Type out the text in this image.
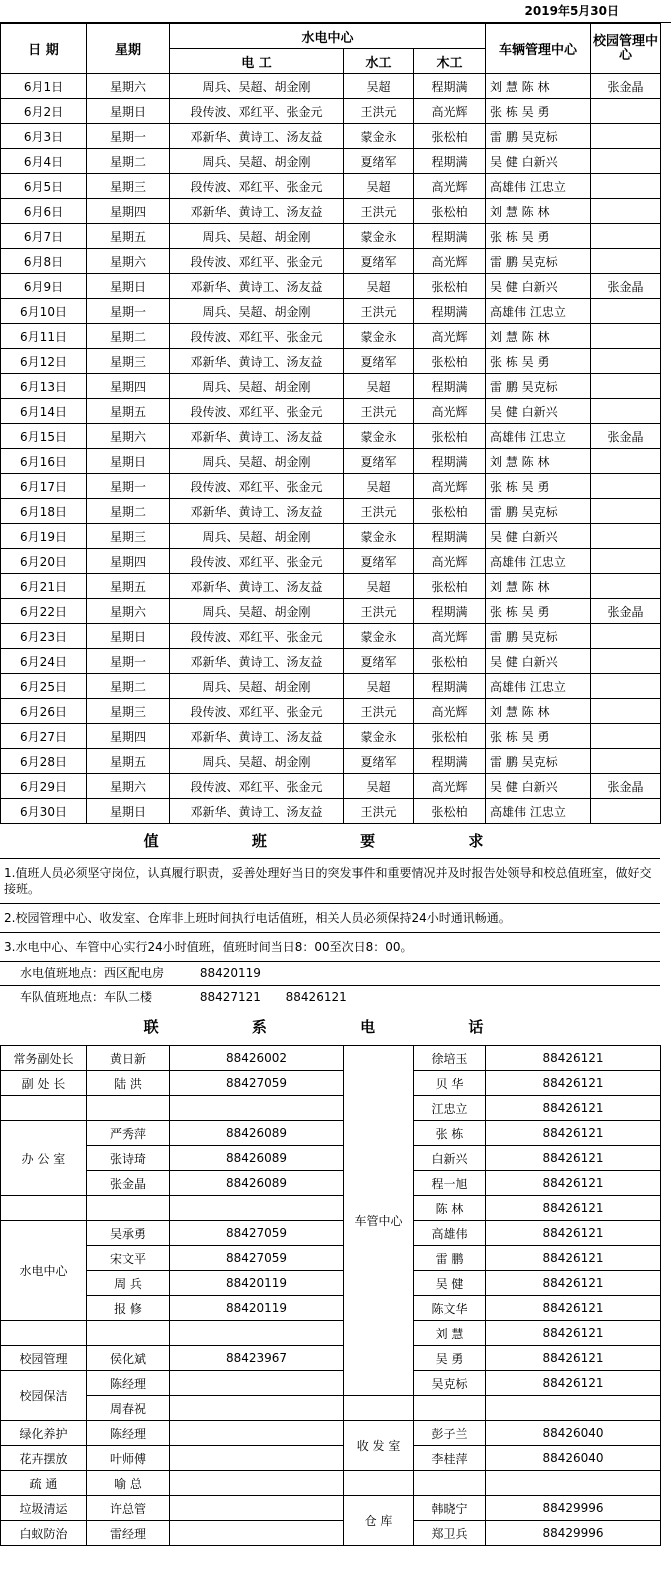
2019年5月30日
日 期	星期	水电中心			车辆管理中心	校园管理中心
		电 工	水工	木工		
6月1日	星期六	周兵、吴超、胡金刚	吴超	程期满	刘 慧 陈 林	张金晶
6月2日	星期日	段传波、邓红平、张金元	王洪元	高光辉	张 栋 吴 勇	
6月3日	星期一	邓新华、黄诗工、汤友益	蒙金永	张松柏	雷 鹏 吴克标	
6月4日	星期二	周兵、吴超、胡金刚	夏绪军	程期满	吴 健 白新兴	
6月5日	星期三	段传波、邓红平、张金元	吴超	高光辉	高雄伟 江忠立	
6月6日	星期四	邓新华、黄诗工、汤友益	王洪元	张松柏	刘 慧 陈 林	
6月7日	星期五	周兵、吴超、胡金刚	蒙金永	程期满	张 栋 吴 勇	
6月8日	星期六	段传波、邓红平、张金元	夏绪军	高光辉	雷 鹏 吴克标	
6月9日	星期日	邓新华、黄诗工、汤友益	吴超	张松柏	吴 健 白新兴	张金晶
6月10日	星期一	周兵、吴超、胡金刚	王洪元	程期满	高雄伟 江忠立	
6月11日	星期二	段传波、邓红平、张金元	蒙金永	高光辉	刘 慧 陈 林	
6月12日	星期三	邓新华、黄诗工、汤友益	夏绪军	张松柏	张 栋 吴 勇	
6月13日	星期四	周兵、吴超、胡金刚	吴超	程期满	雷 鹏 吴克标	
6月14日	星期五	段传波、邓红平、张金元	王洪元	高光辉	吴 健 白新兴	
6月15日	星期六	邓新华、黄诗工、汤友益	蒙金永	张松柏	高雄伟 江忠立	张金晶
6月16日	星期日	周兵、吴超、胡金刚	夏绪军	程期满	刘 慧 陈 林	
6月17日	星期一	段传波、邓红平、张金元	吴超	高光辉	张 栋 吴 勇	
6月18日	星期二	邓新华、黄诗工、汤友益	王洪元	张松柏	雷 鹏 吴克标	
6月19日	星期三	周兵、吴超、胡金刚	蒙金永	程期满	吴 健 白新兴	
6月20日	星期四	段传波、邓红平、张金元	夏绪军	高光辉	高雄伟 江忠立	
6月21日	星期五	邓新华、黄诗工、汤友益	吴超	张松柏	刘 慧 陈 林	
6月22日	星期六	周兵、吴超、胡金刚	王洪元	程期满	张 栋 吴 勇	张金晶
6月23日	星期日	段传波、邓红平、张金元	蒙金永	高光辉	雷 鹏 吴克标	
6月24日	星期一	邓新华、黄诗工、汤友益	夏绪军	张松柏	吴 健 白新兴	
6月25日	星期二	周兵、吴超、胡金刚	吴超	程期满	高雄伟 江忠立	
6月26日	星期三	段传波、邓红平、张金元	王洪元	高光辉	刘 慧 陈 林	
6月27日	星期四	邓新华、黄诗工、汤友益	蒙金永	张松柏	张 栋 吴 勇	
6月28日	星期五	周兵、吴超、胡金刚	夏绪军	程期满	雷 鹏 吴克标	
6月29日	星期六	段传波、邓红平、张金元	吴超	高光辉	吴 健 白新兴	张金晶
6月30日	星期日	邓新华、黄诗工、汤友益	王洪元	张松柏	高雄伟 江忠立	
值 班 要 求
1.值班人员必须坚守岗位，认真履行职责，妥善处理好当日的突发事件和重要情况并及时报告处领导和校总值班室，做好交接班。
2.校园管理中心、收发室、仓库非上班时间执行电话值班，相关人员必须保持24小时通讯畅通。
3.水电中心、车管中心实行24小时值班，值班时间当日8：00至次日8：00。
水电值班地点：西区配电房	88420119
车队值班地点：车队二楼	88427121 88426121
联 系 电 话
常务副处长	黄日新	88426002	车管中心	徐培玉	88426121
副 处 长	陆 洪	88427059		贝 华	88426121
				江忠立	88426121
办 公 室	严秀萍	88426089		张 栋	88426121
	张诗琦	88426089		白新兴	88426121
	张金晶	88426089		程一旭	88426121
				陈 林	88426121
水电中心	吴承勇	88427059		高雄伟	88426121
	宋文平	88427059		雷 鹏	88426121
	周 兵	88420119		吴 健	88426121
	报 修	88420119		陈文华	88426121
				刘 慧	88426121
校园管理	侯化斌	88423967		吴 勇	88426121
校园保洁	陈经理			吴克标	88426121
	周春祝				
绿化养护	陈经理		收 发 室	彭子兰	88426040
花卉摆放	叶师傅			李桂萍	88426040
疏 通	喻 总				
垃圾清运	许总管		仓 库	韩晓宁	88429996
白蚁防治	雷经理			郑卫兵	88429996
